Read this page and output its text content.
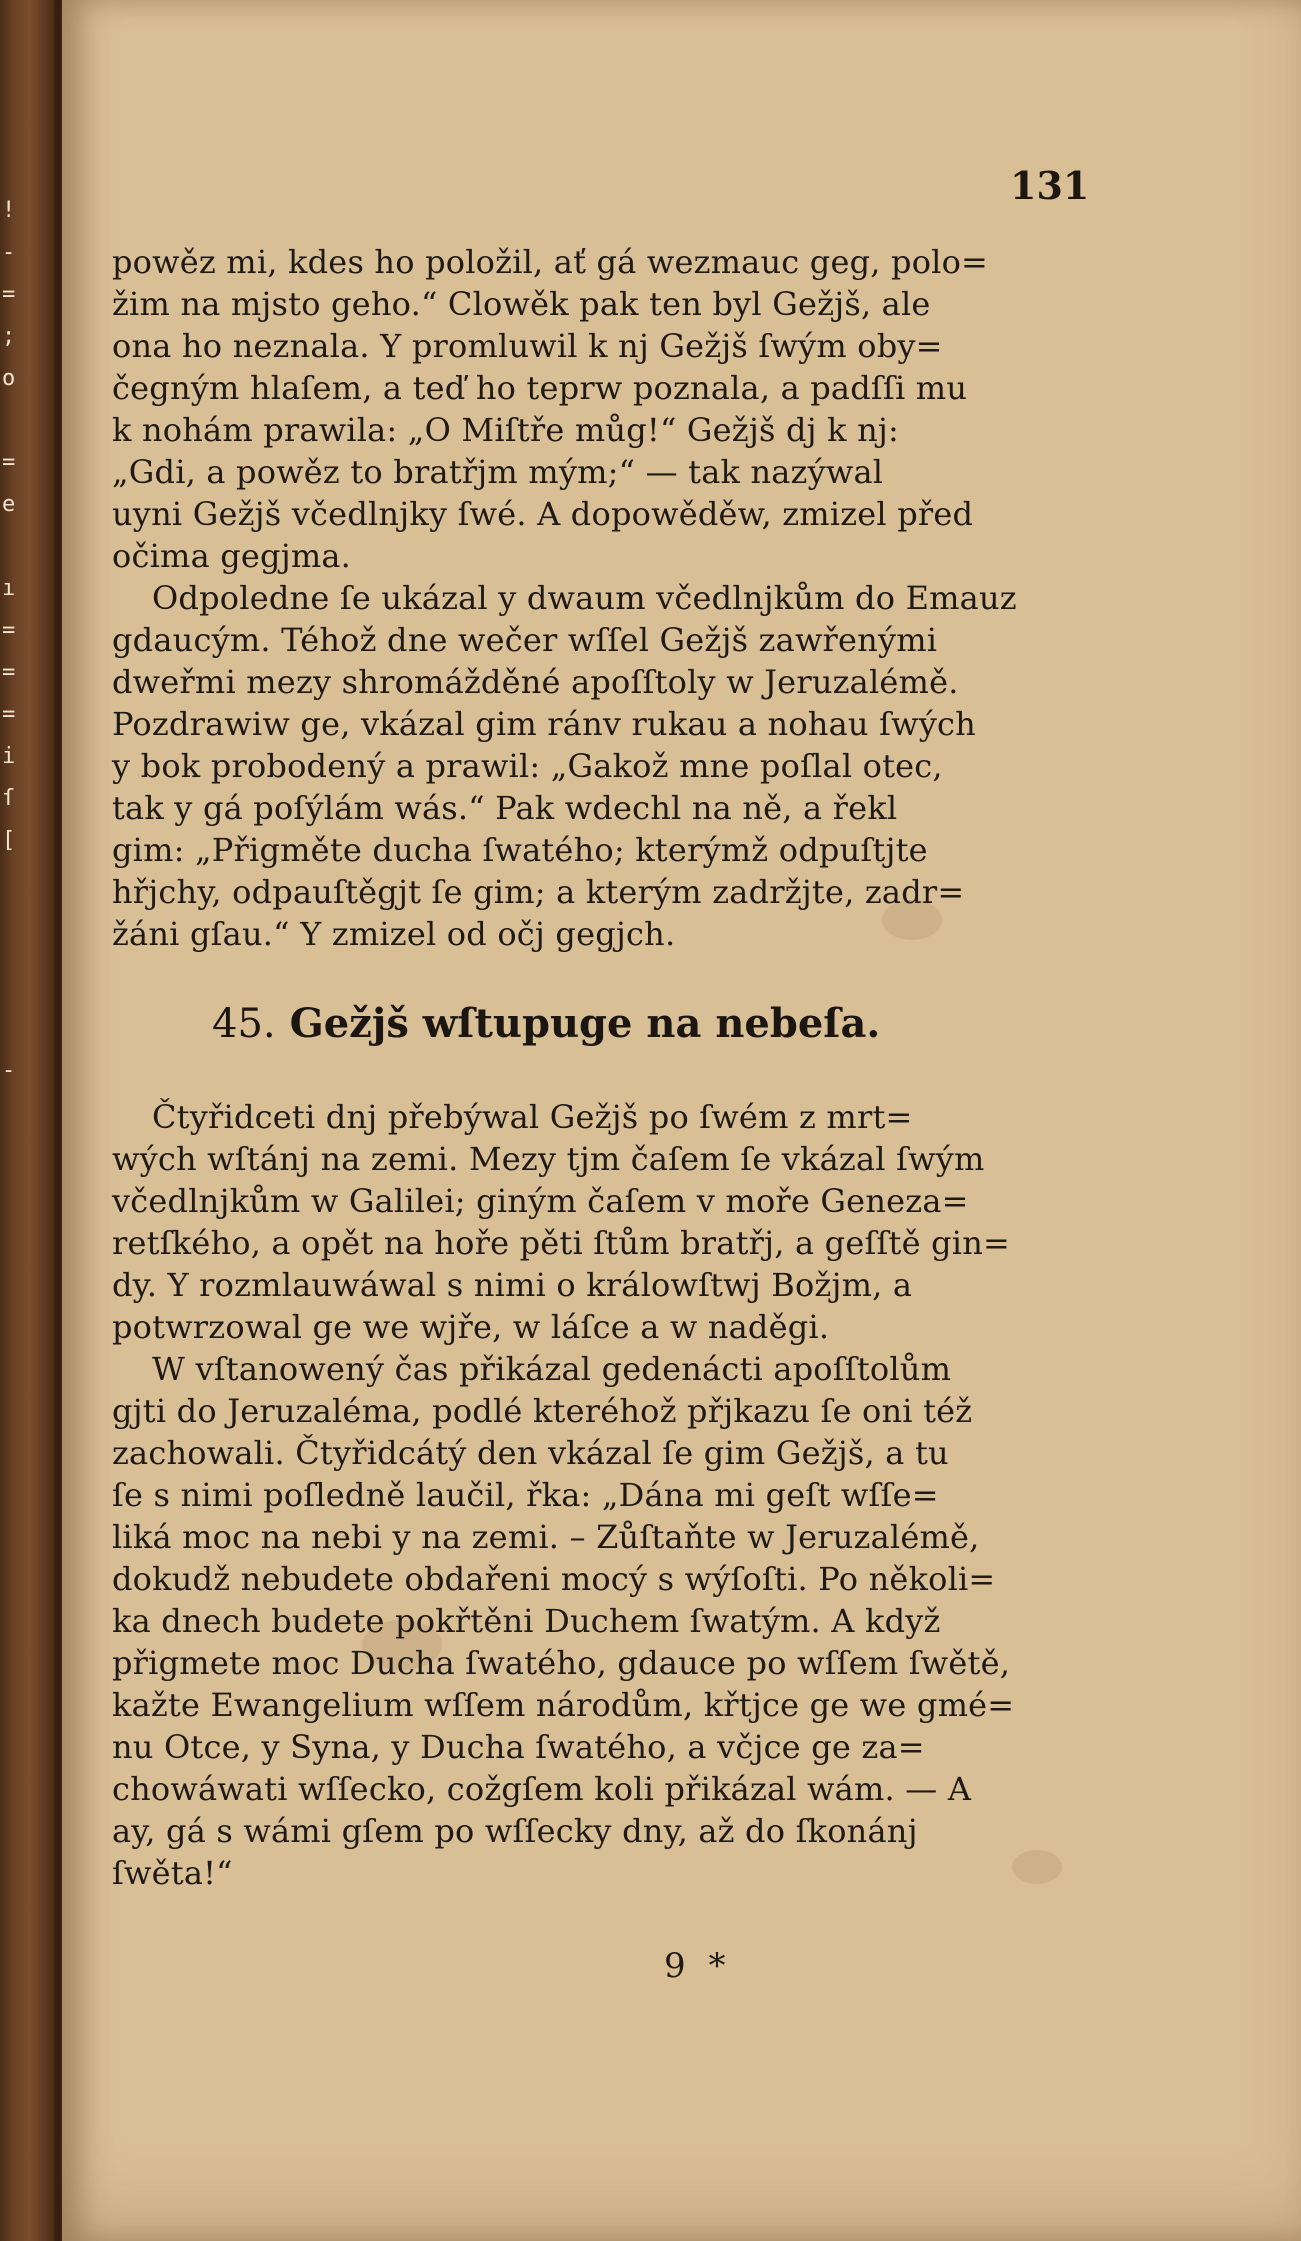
!
-
=
;
o
=
e
ı
=
=
=
i
ſ
[
-
131
powěz mi, kdes ho položil, ať gá wezmauc geg, polo=
žim na mjsto geho.“ Clowěk pak ten byl Gežjš, ale
ona ho neznala. Y promluwil k nj Gežjš ſwým oby=
čegným hlaſem, a teď ho teprw poznala, a padſſi mu
k nohám prawila: „O Miſtře můg!“ Gežjš dj k nj:
„Gdi, a powěz to bratřjm mým;“ — tak nazýwal
uyni Gežjš včedlnjky ſwé. A dopowěděw, zmizel před
očima gegjma.
Odpoledne ſe ukázal y dwaum včedlnjkům do Emauz
gdaucým. Téhož dne wečer wſſel Gežjš zawřenými
dweřmi mezy shromážděné apoſſtoly w Jeruzalémě.
Pozdrawiw ge, vkázal gim ránv rukau a nohau ſwých
y bok probodený a prawil: „Gakož mne poſlal otec,
tak y gá poſýlám wás.“ Pak wdechl na ně, a řekl
gim: „Přigměte ducha ſwatého; kterýmž odpuſtjte
hřjchy, odpauſtěgjt ſe gim; a kterým zadržjte, zadr=
žáni gſau.“ Y zmizel od očj gegjch.
45. Gežjš wſtupuge na nebeſa.
Čtyřidceti dnj přebýwal Gežjš po ſwém z mrt=
wých wſtánj na zemi. Mezy tjm čaſem ſe vkázal ſwým
včedlnjkům w Galilei; giným čaſem v moře Geneza=
retſkého, a opět na hoře pěti ſtům bratřj, a geſſtě gin=
dy. Y rozmlauwáwal s nimi o králowſtwj Božjm, a
potwrzowal ge we wjře, w láſce a w naděgi.
W vſtanowený čas přikázal gedenácti apoſſtolům
gjti do Jeruzaléma, podlé kteréhož přjkazu ſe oni též
zachowali. Čtyřidcátý den vkázal ſe gim Gežjš, a tu
ſe s nimi poſledně laučil, řka: „Dána mi geſt wſſe=
liká moc na nebi y na zemi. – Zůſtaňte w Jeruzalémě,
dokudž nebudete obdařeni mocý s wýſoſti. Po několi=
ka dnech budete pokřtěni Duchem ſwatým. A když
přigmete moc Ducha ſwatého, gdauce po wſſem ſwětě,
kažte Ewangelium wſſem národům, křtjce ge we gmé=
nu Otce, y Syna, y Ducha ſwatého, a včjce ge za=
chowáwati wſſecko, cožgſem koli přikázal wám. — A
ay, gá s wámi gſem po wſſecky dny, až do ſkonánj
ſwěta!“
9 *
